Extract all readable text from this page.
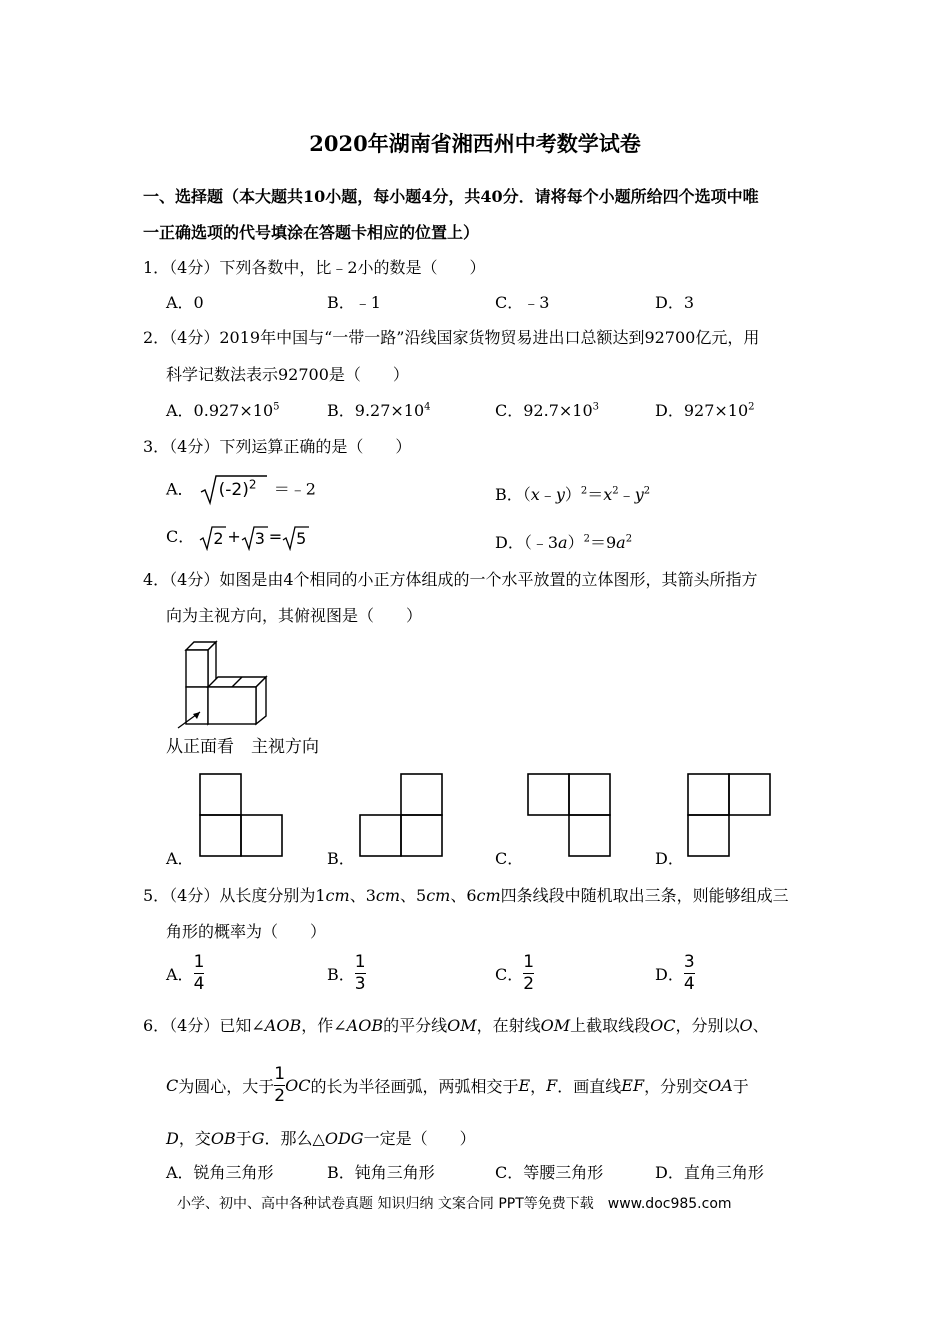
2020年湖南省湘西州中考数学试卷
一、选择题（本大题共10小题，每小题4分，共40分．请将每个小题所给四个选项中唯
一正确选项的代号填涂在答题卡相应的位置上）
1．（4分）下列各数中，比﹣2小的数是（　　）
A．0	B．﹣1	C．﹣3	D．3
2．（4分）2019年中国与“一带一路”沿线国家货物贸易进出口总额达到92700亿元，用
科学记数法表示92700是（　　）
A．$0.927\times 10^5$	B．$9.27\times 10^4$	C．$92.7\times 10^3$	D．$927\times 10^2$
3．（4分）下列运算正确的是（　　）
A． $(-2)^2$ ＝﹣2	B．$(x﹣y)^2=x^2﹣y^2$
C． 2 + 3 = 5	D．$(﹣3a)^2=9a^2$
4．（4分）如图是由4个相同的小正方体组成的一个水平放置的立体图形，其箭头所指方
向为主视方向，其俯视图是（　　）
从正面看　主视方向
A．	B．	C．	D．
5．（4分）从长度分别为1cm、3cm、5cm、6cm四条线段中随机取出三条，则能够组成三
角形的概率为（　　）
A． $\frac{1}{4}$	B． $\frac{1}{3}$	C． $\frac{1}{2}$	D． $\frac{3}{4}$
6．（4分）已知∠AOB，作∠AOB的平分线OM，在射线OM上截取线段OC，分别以O、
C为圆心，大于 $\frac{1}{2}$ OC的长为半径画弧，两弧相交于E，F．画直线EF，分别交OA于
D，交OB于G．那么△ODG一定是（　　）
A．锐角三角形	B．钝角三角形	C．等腰三角形	D．直角三角形
小学、初中、高中各种试卷真题 知识归纳 文案合同 PPT等免费下载　www.doc985.com
